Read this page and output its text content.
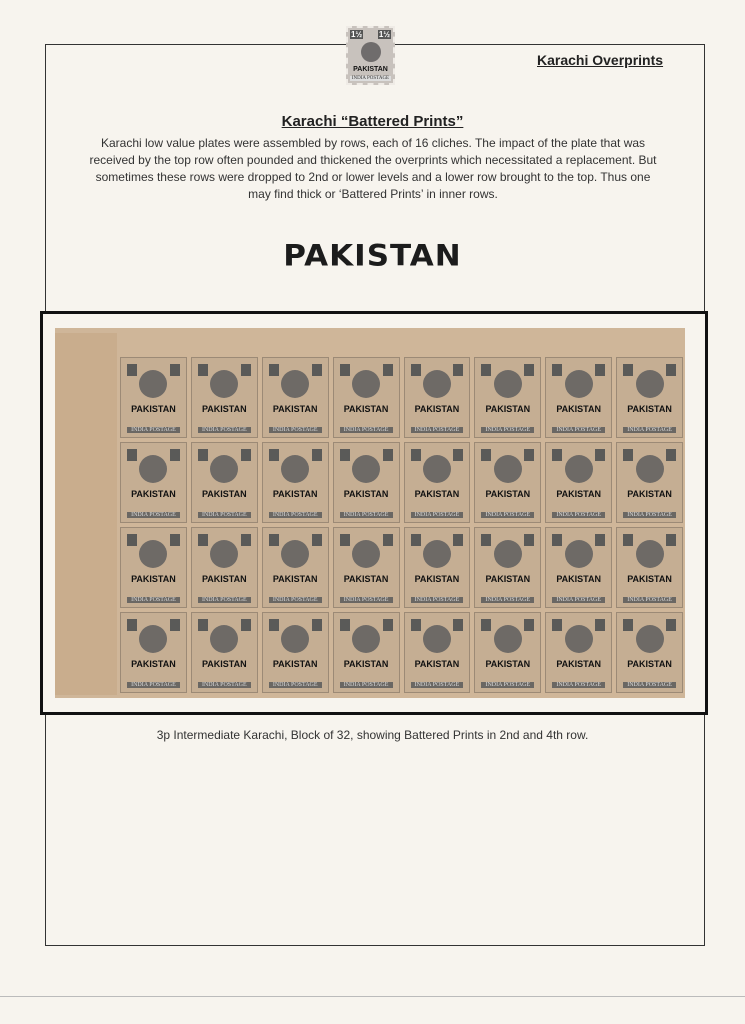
1½ 1½
PAKISTAN
INDIA POSTAGE
Karachi Overprints
Karachi “Battered Prints”
Karachi low value plates were assembled by rows, each of 16 cliches. The impact of the plate that was received by the top row often pounded and thickened the overprints which necessitated a replacement. But sometimes these rows were dropped to 2nd or lower levels and a lower row brought to the top. Thus one may find thick or ‘Battered Prints’ in inner rows.
PAKISTAN
PAKISTAN
INDIA POSTAGE
PAKISTAN
INDIA POSTAGE
PAKISTAN
INDIA POSTAGE
PAKISTAN
INDIA POSTAGE
PAKISTAN
INDIA POSTAGE
PAKISTAN
INDIA POSTAGE
PAKISTAN
INDIA POSTAGE
PAKISTAN
INDIA POSTAGE
PAKISTAN
INDIA POSTAGE
PAKISTAN
INDIA POSTAGE
PAKISTAN
INDIA POSTAGE
PAKISTAN
INDIA POSTAGE
PAKISTAN
INDIA POSTAGE
PAKISTAN
INDIA POSTAGE
PAKISTAN
INDIA POSTAGE
PAKISTAN
INDIA POSTAGE
PAKISTAN
INDIA POSTAGE
PAKISTAN
INDIA POSTAGE
PAKISTAN
INDIA POSTAGE
PAKISTAN
INDIA POSTAGE
PAKISTAN
INDIA POSTAGE
PAKISTAN
INDIA POSTAGE
PAKISTAN
INDIA POSTAGE
PAKISTAN
INDIA POSTAGE
PAKISTAN
INDIA POSTAGE
PAKISTAN
INDIA POSTAGE
PAKISTAN
INDIA POSTAGE
PAKISTAN
INDIA POSTAGE
PAKISTAN
INDIA POSTAGE
PAKISTAN
INDIA POSTAGE
PAKISTAN
INDIA POSTAGE
PAKISTAN
INDIA POSTAGE
3p Intermediate Karachi, Block of 32, showing Battered Prints in 2nd and 4th row.
